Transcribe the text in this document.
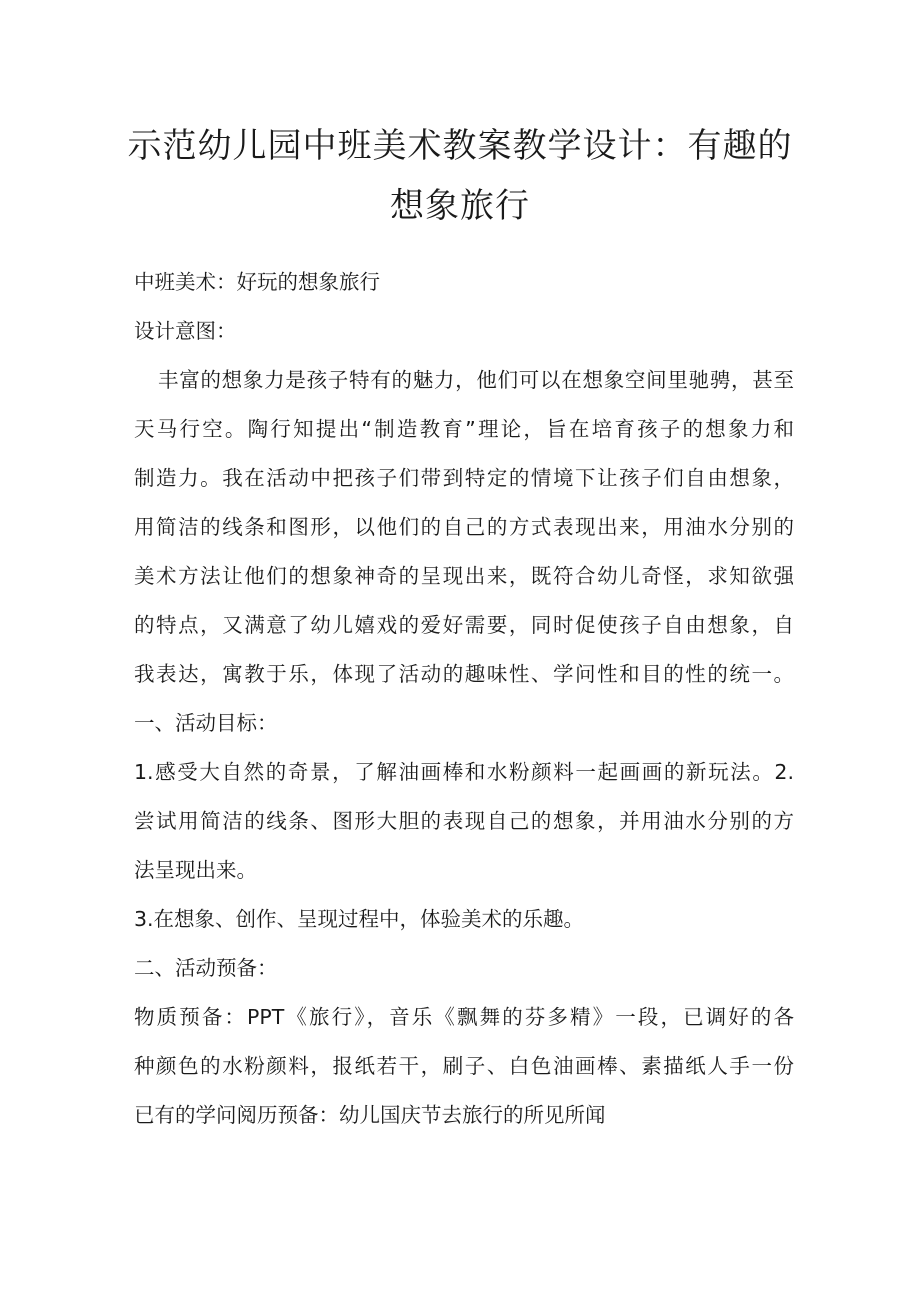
示范幼儿园中班美术教案教学设计：有趣的
想象旅行
中班美术：好玩的想象旅行
设计意图：
丰富的想象力是孩子特有的魅力，他们可以在想象空间里驰骋，甚至
天马行空。陶行知提出“制造教育”理论，旨在培育孩子的想象力和
制造力。我在活动中把孩子们带到特定的情境下让孩子们自由想象，
用简洁的线条和图形，以他们的自己的方式表现出来，用油水分别的
美术方法让他们的想象神奇的呈现出来，既符合幼儿奇怪，求知欲强
的特点，又满意了幼儿嬉戏的爱好需要，同时促使孩子自由想象，自
我表达，寓教于乐，体现了活动的趣味性、学问性和目的性的统一。
一、活动目标：
1.感受大自然的奇景，了解油画棒和水粉颜料一起画画的新玩法。2.
尝试用简洁的线条、图形大胆的表现自己的想象，并用油水分别的方
法呈现出来。
3.在想象、创作、呈现过程中，体验美术的乐趣。
二、活动预备：
物质预备：PPT《旅行》，音乐《飘舞的芬多精》一段，已调好的各
种颜色的水粉颜料，报纸若干，刷子、白色油画棒、素描纸人手一份
已有的学问阅历预备：幼儿国庆节去旅行的所见所闻
